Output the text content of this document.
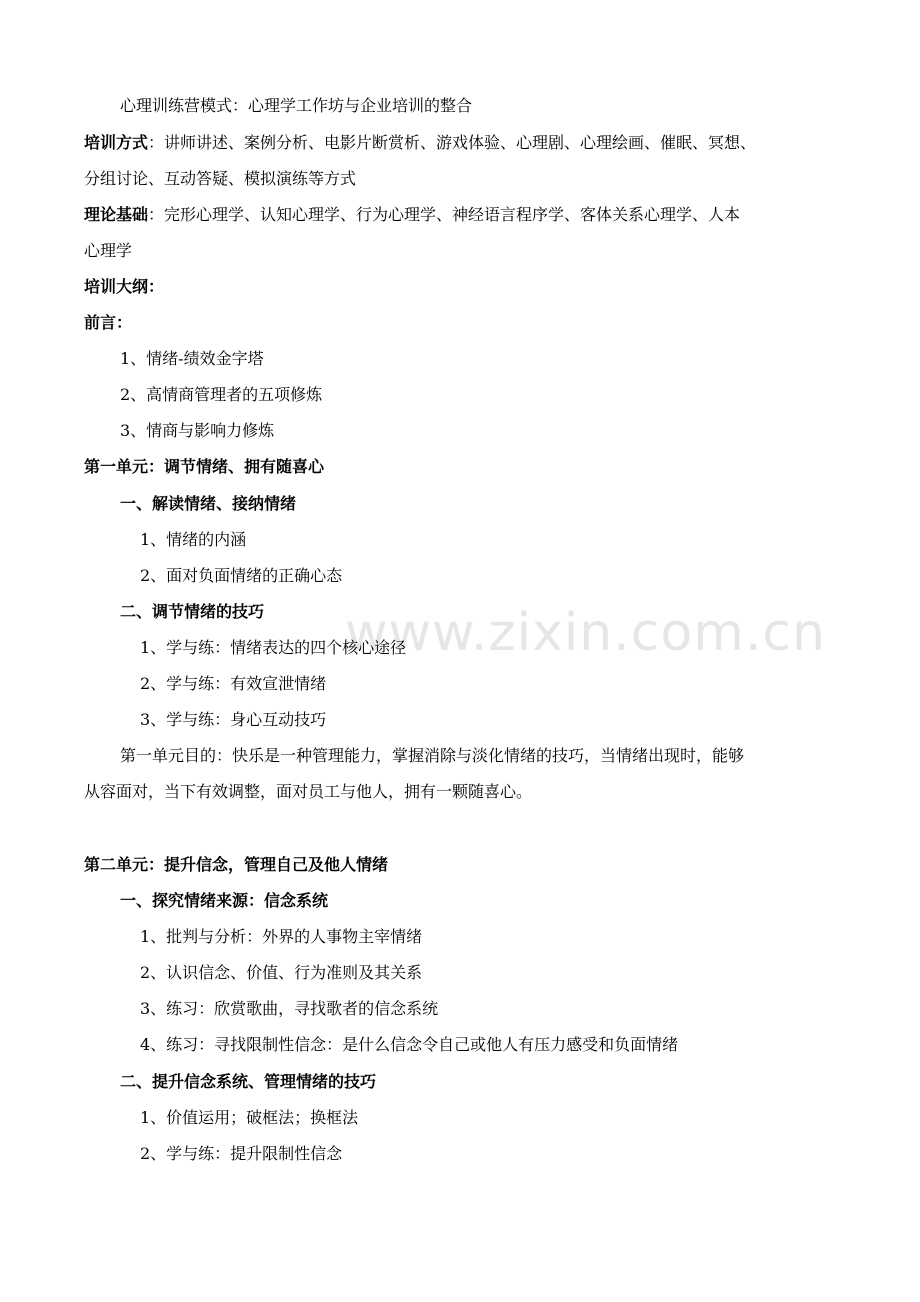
www.zixin.com.cn
心理训练营模式：心理学工作坊与企业培训的整合
培训方式：讲师讲述、案例分析、电影片断赏析、游戏体验、心理剧、心理绘画、催眠、冥想、
分组讨论、互动答疑、模拟演练等方式
理论基础：完形心理学、认知心理学、行为心理学、神经语言程序学、客体关系心理学、人本
心理学
培训大纲：
前言：
1、情绪-绩效金字塔
2、高情商管理者的五项修炼
3、情商与影响力修炼
第一单元：调节情绪、拥有随喜心
一、解读情绪、接纳情绪
1、情绪的内涵
2、面对负面情绪的正确心态
二、调节情绪的技巧
1、学与练：情绪表达的四个核心途径
2、学与练：有效宣泄情绪
3、学与练：身心互动技巧
第一单元目的：快乐是一种管理能力，掌握消除与淡化情绪的技巧，当情绪出现时，能够
从容面对，当下有效调整，面对员工与他人，拥有一颗随喜心。
第二单元：提升信念，管理自己及他人情绪
一、探究情绪来源：信念系统
1、批判与分析：外界的人事物主宰情绪
2、认识信念、价值、行为准则及其关系
3、练习：欣赏歌曲，寻找歌者的信念系统
4、练习：寻找限制性信念：是什么信念令自己或他人有压力感受和负面情绪
二、提升信念系统、管理情绪的技巧
1、价值运用；破框法；换框法
2、学与练：提升限制性信念
